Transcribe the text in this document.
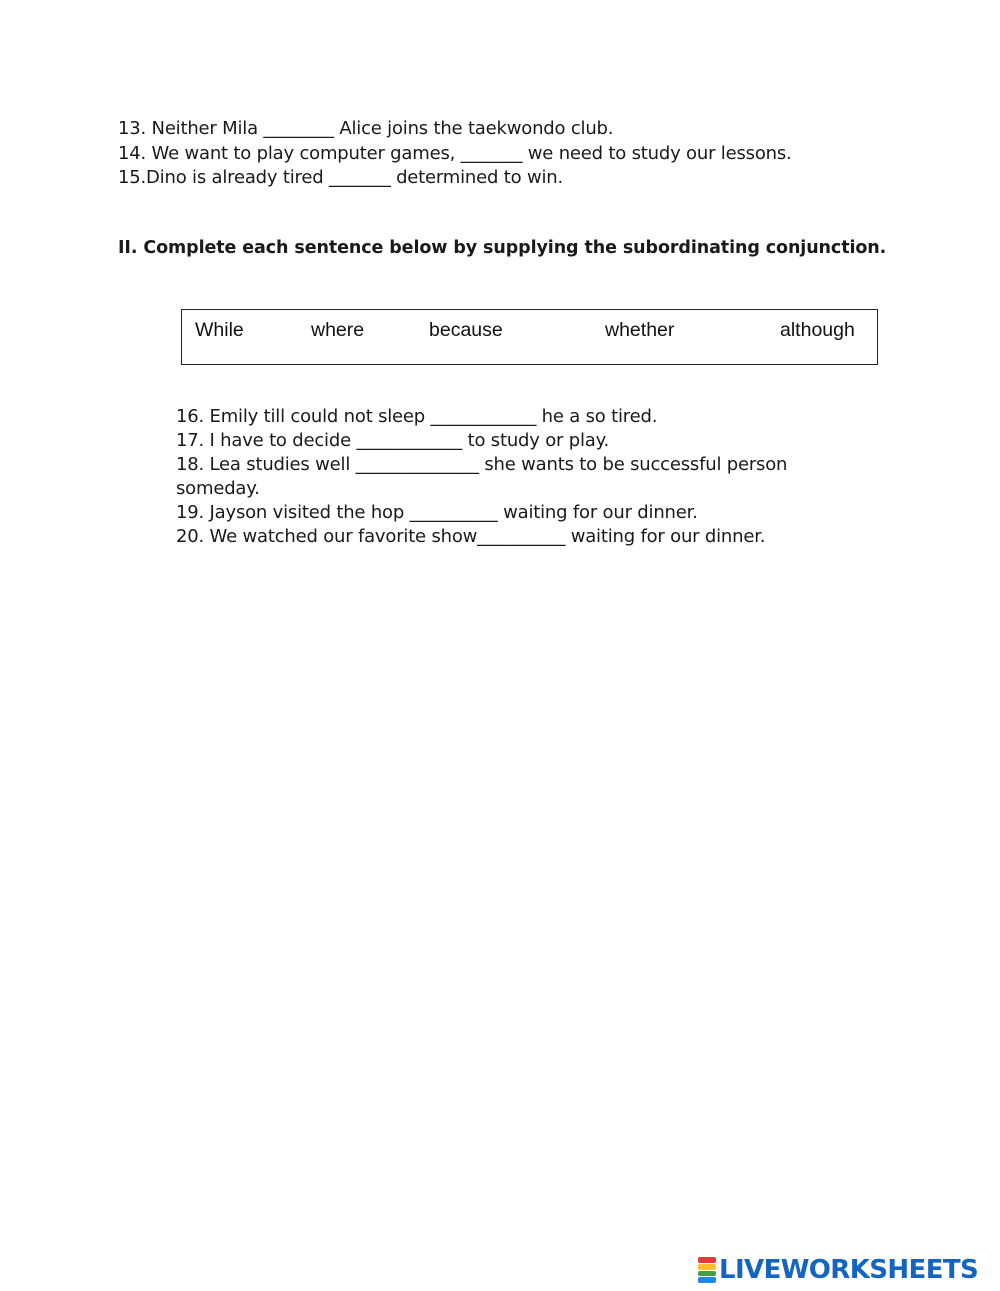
13. Neither Mila ________ Alice joins the taekwondo club.
14. We want to play computer games, _______ we need to study our lessons.
15.Dino is already tired _______ determined to win.
II. Complete each sentence below by supplying the subordinating conjunction.
While	where	because	whether	although
16. Emily till could not sleep ____________ he a so tired.
17. I have to decide ____________ to study or play.
18. Lea studies well ______________ she wants to be successful person
someday.
19. Jayson visited the hop __________ waiting for our dinner.
20. We watched our favorite show__________ waiting for our dinner.
LIVEWORKSHEETS
